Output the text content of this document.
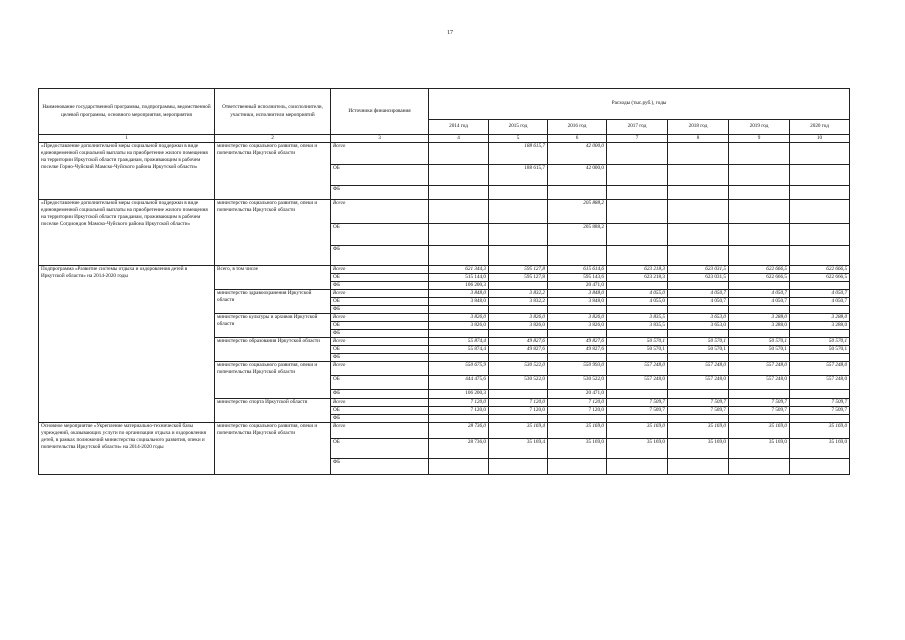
17
Наименование государственной программы, подпрограммы, ведомственной целевой программы, основного мероприятия, мероприятия	Ответственный исполнитель, соисполнители, участники, исполнители мероприятий	Источники финансирования	Расходы (тыс.руб.), годы						
			2014 год	2015 год	2016 год	2017 год	2018 год	2019 год	2020 год
1	2	3	4	5	6	7	8	9	10
«Предоставление дополнительной меры социальной поддержки в виде единовременной социальной выплаты на приобретение жилого помещения на территории Иркутской области гражданам, проживающим в рабочем поселке Горно-Чуйский Мамско-Чуйского района Иркутской области»	министерство социального развития, опеки и попечительства Иркутской области	Всего		188 615,7	42 000,0				
		ОБ		188 615,7	42 000,0				
		ФБ							
«Предоставление дополнительной меры социальной поддержки в виде единовременной социальной выплаты на приобретение жилого помещения на территории Иркутской области гражданам, проживающим в рабочем поселке Согдиондон Мамско-Чуйского района Иркутской области»	министерство социального развития, опеки и попечительства Иркутской области	Всего			205 888,2				
		ОБ			205 888,2				
		ФБ							
Подпрограмма «Развитие системы отдыха и оздоровления детей в Иркутской области» на 2014-2020 годы	Всего, в том числе	Всего	621 344,3	595 127,8	615 614,6	623 218,3	623 031,5	622 666,5	622 666,5
		ОБ	515 144,0	595 127,8	595 143,6	623 218,3	623 031,5	622 666,5	622 666,5
		ФБ	106 200,3		20 471,0				
	министерство здравоохранения Иркутской области	Всего	3 848,0	3 832,2	3 848,0	4 055,0	4 050,7	4 050,7	4 050,7
		ОБ	3 848,0	3 832,2	3 848,0	4 055,0	4 050,7	4 050,7	4 050,7
		ФБ							
	министерство культуры и архивов Иркутской области	Всего	3 826,0	3 826,0	3 826,0	3 835,5	3 653,0	3 288,0	3 288,0
		ОБ	3 826,0	3 826,0	3 826,0	3 835,5	3 653,0	3 288,0	3 288,0
		ФБ							
	министерство образования Иркутской области	Всего	55 874,4	49 827,6	49 827,6	50 570,1	50 570,1	50 570,1	50 570,1
		ОБ	55 874,4	49 827,6	49 827,6	50 570,1	50 570,1	50 570,1	50 570,1
		ФБ							
	министерство социального развития, опеки и попечительства Иркутской области	Всего	550 675,9	530 522,0	550 993,0	557 248,0	557 248,0	557 248,0	557 248,0
		ОБ	444 475,6	530 522,0	530 522,0	557 248,0	557 248,0	557 248,0	557 248,0
		ФБ	106 200,3		20 471,0				
	министерство спорта Иркутской области	Всего	7 120,0	7 120,0	7 120,0	7 509,7	7 509,7	7 509,7	7 509,7
		ОБ	7 120,0	7 120,0	7 120,0	7 509,7	7 509,7	7 509,7	7 509,7
		ФБ							
Основное мероприятие «Укрепление материально-технической базы учреждений, оказывающих услуги по организации отдыха и оздоровления детей, в рамках полномочий министерства социального развития, опеки и попечительства Иркутской области» на 2014-2020 годы	министерство социального развития, опеки и попечительства Иркутской области	Всего	28 736,0	35 169,4	35 169,0	35 169,0	35 169,0	35 169,0	35 169,0
		ОБ	28 736,0	35 169,4	35 169,0	35 169,0	35 169,0	35 169,0	35 169,0
		ФБ							
